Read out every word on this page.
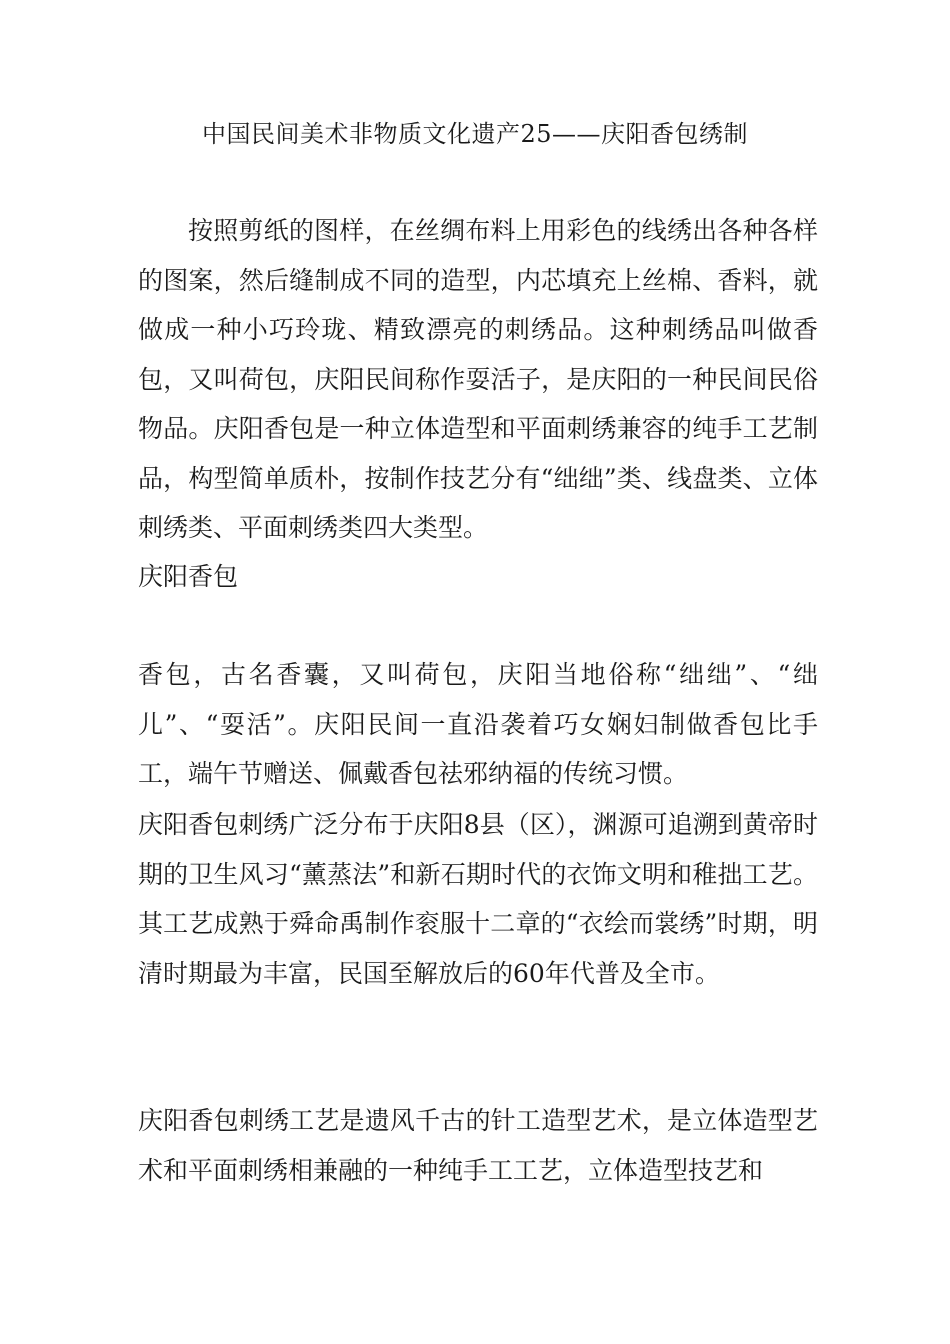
中国民间美术非物质文化遗产25——庆阳香包绣制

按照剪纸的图样，在丝绸布料上用彩色的线绣出各种各样的图案，然后缝制成不同的造型，内芯填充上丝棉、香料，就做成一种小巧玲珑、精致漂亮的刺绣品。这种刺绣品叫做香包，又叫荷包，庆阳民间称作耍活子，是庆阳的一种民间民俗物品。庆阳香包是一种立体造型和平面刺绣兼容的纯手工艺制品，构型简单质朴，按制作技艺分有“绌绌”类、线盘类、立体刺绣类、平面刺绣类四大类型。

庆阳香包

香包，古名香囊，又叫荷包，庆阳当地俗称“绌绌”、“绌儿”、“耍活”。庆阳民间一直沿袭着巧女娴妇制做香包比手工，端午节赠送、佩戴香包祛邪纳福的传统习惯。

庆阳香包刺绣广泛分布于庆阳8县（区），渊源可追溯到黄帝时期的卫生风习“薰蒸法”和新石期时代的衣饰文明和稚拙工艺。其工艺成熟于舜命禹制作衮服十二章的“衣绘而裳绣”时期，明清时期最为丰富，民国至解放后的60年代普及全市。

庆阳香包刺绣工艺是遗风千古的针工造型艺术，是立体造型艺术和平面刺绣相兼融的一种纯手工工艺，立体造型技艺和
